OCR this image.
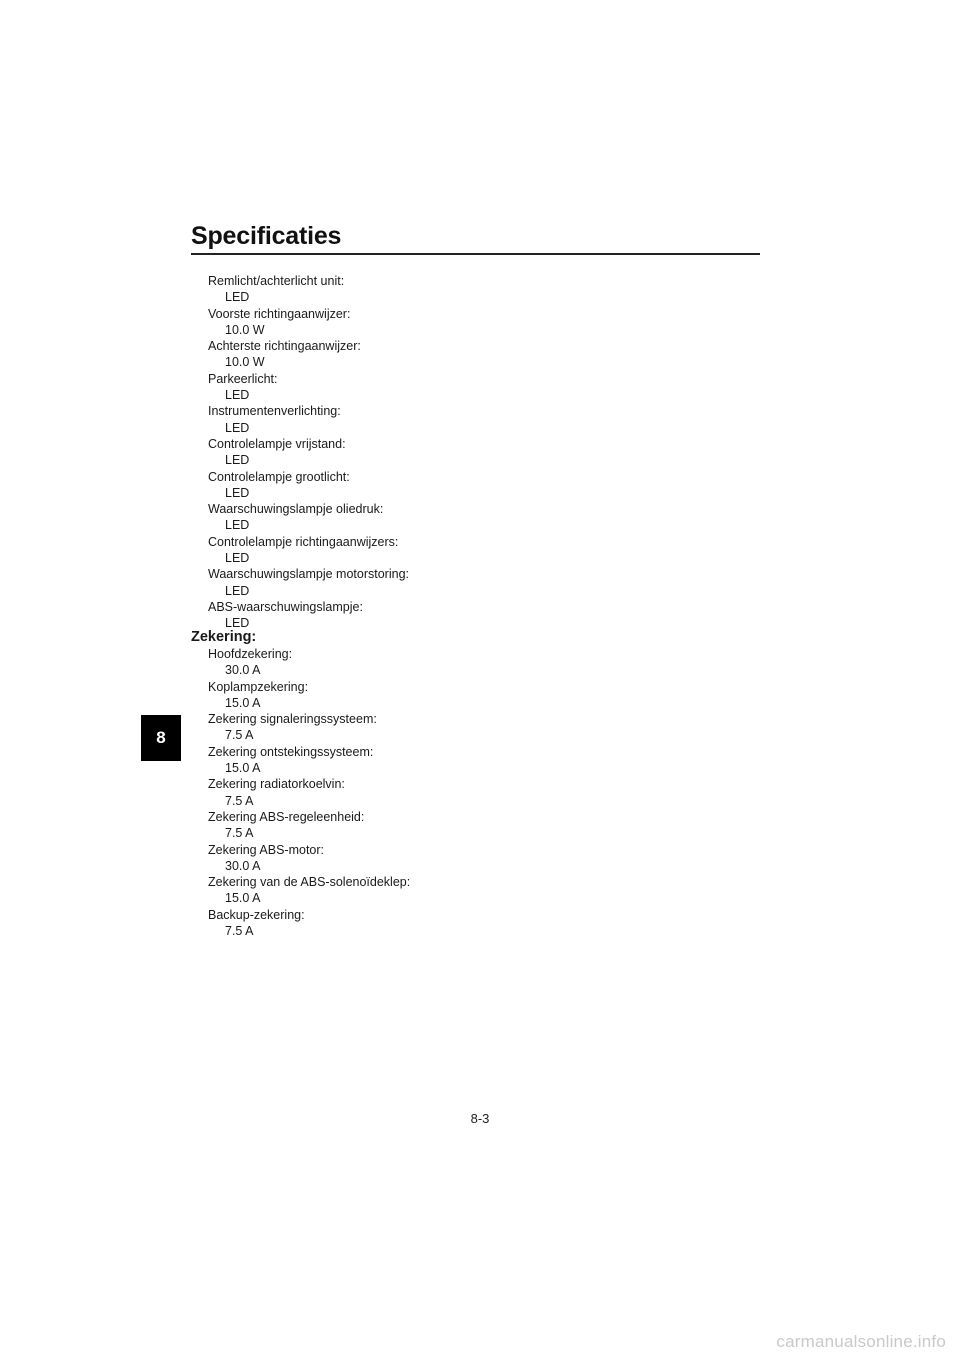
Specificaties
8
Remlicht/achterlicht unit:
LED
Voorste richtingaanwijzer:
10.0 W
Achterste richtingaanwijzer:
10.0 W
Parkeerlicht:
LED
Instrumentenverlichting:
LED
Controlelampje vrijstand:
LED
Controlelampje grootlicht:
LED
Waarschuwingslampje oliedruk:
LED
Controlelampje richtingaanwijzers:
LED
Waarschuwingslampje motorstoring:
LED
ABS-waarschuwingslampje:
LED
Zekering:
Hoofdzekering:
30.0 A
Koplampzekering:
15.0 A
Zekering signaleringssysteem:
7.5 A
Zekering ontstekingssysteem:
15.0 A
Zekering radiatorkoelvin:
7.5 A
Zekering ABS-regeleenheid:
7.5 A
Zekering ABS-motor:
30.0 A
Zekering van de ABS-solenoïdeklep:
15.0 A
Backup-zekering:
7.5 A
8-3
carmanualsonline.info
